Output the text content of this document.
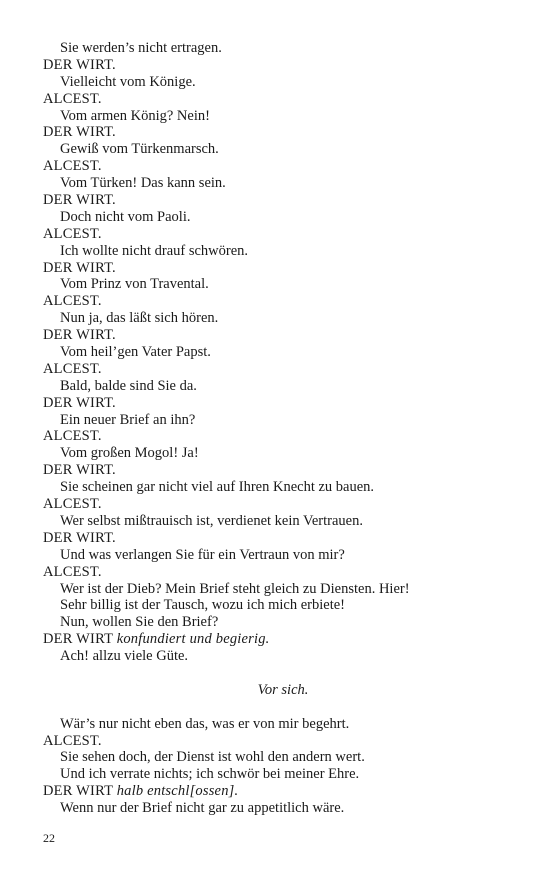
Sie werden’s nicht ertragen.
DER WIRT.
Vielleicht vom Könige.
ALCEST.
Vom armen König? Nein!
DER WIRT.
Gewiß vom Türkenmarsch.
ALCEST.
Vom Türken! Das kann sein.
DER WIRT.
Doch nicht vom Paoli.
ALCEST.
Ich wollte nicht drauf schwören.
DER WIRT.
Vom Prinz von Travental.
ALCEST.
Nun ja, das läßt sich hören.
DER WIRT.
Vom heil’gen Vater Papst.
ALCEST.
Bald, balde sind Sie da.
DER WIRT.
Ein neuer Brief an ihn?
ALCEST.
Vom großen Mogol! Ja!
DER WIRT.
Sie scheinen gar nicht viel auf Ihren Knecht zu bauen.
ALCEST.
Wer selbst mißtrauisch ist, verdienet kein Vertrauen.
DER WIRT.
Und was verlangen Sie für ein Vertraun von mir?
ALCEST.
Wer ist der Dieb? Mein Brief steht gleich zu Diensten. Hier!
Sehr billig ist der Tausch, wozu ich mich erbiete!
Nun, wollen Sie den Brief?
DER WIRT konfundiert und begierig.
Ach! allzu viele Güte.
Vor sich.
Wär’s nur nicht eben das, was er von mir begehrt.
ALCEST.
Sie sehen doch, der Dienst ist wohl den andern wert.
Und ich verrate nichts; ich schwör bei meiner Ehre.
DER WIRT halb entschl[ossen].
Wenn nur der Brief nicht gar zu appetitlich wäre.
22
